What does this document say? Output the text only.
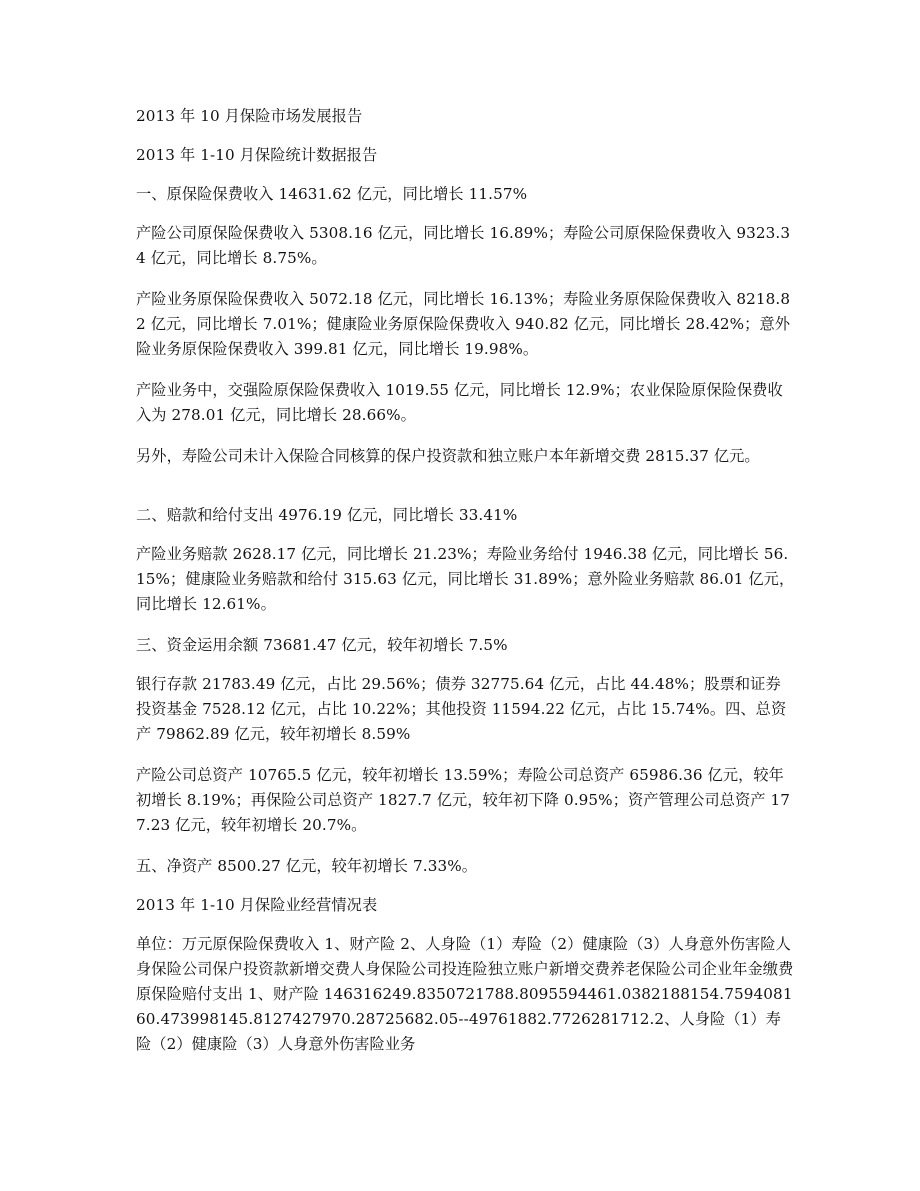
2013 年 10 月保险市场发展报告

2013 年 1-10 月保险统计数据报告

一、原保险保费收入 14631.62 亿元，同比增长 11.57%

产险公司原保险保费收入 5308.16 亿元，同比增长 16.89%；寿险公司原保险保费收入 9323.34 亿元，同比增长 8.75%。

产险业务原保险保费收入 5072.18 亿元，同比增长 16.13%；寿险业务原保险保费收入 8218.82 亿元，同比增长 7.01%；健康险业务原保险保费收入 940.82 亿元，同比增长 28.42%；意外险业务原保险保费收入 399.81 亿元，同比增长 19.98%。

产险业务中，交强险原保险保费收入 1019.55 亿元，同比增长 12.9%；农业保险原保险保费收入为 278.01 亿元，同比增长 28.66%。

另外，寿险公司未计入保险合同核算的保户投资款和独立账户本年新增交费 2815.37 亿元。

二、赔款和给付支出 4976.19 亿元，同比增长 33.41%

产险业务赔款 2628.17 亿元，同比增长 21.23%；寿险业务给付 1946.38 亿元，同比增长 56.15%；健康险业务赔款和给付 315.63 亿元，同比增长 31.89%；意外险业务赔款 86.01 亿元，同比增长 12.61%。

三、资金运用余额 73681.47 亿元，较年初增长 7.5%

银行存款 21783.49 亿元，占比 29.56%；债券 32775.64 亿元，占比 44.48%；股票和证券投资基金 7528.12 亿元，占比 10.22%；其他投资 11594.22 亿元，占比 15.74%。四、总资产 79862.89 亿元，较年初增长 8.59%

产险公司总资产 10765.5 亿元，较年初增长 13.59%；寿险公司总资产 65986.36 亿元，较年初增长 8.19%；再保险公司总资产 1827.7 亿元，较年初下降 0.95%；资产管理公司总资产 177.23 亿元，较年初增长 20.7%。

五、净资产 8500.27 亿元，较年初增长 7.33%。

2013 年 1-10 月保险业经营情况表

单位：万元原保险保费收入 1、财产险 2、人身险（1）寿险（2）健康险（3）人身意外伤害险人身保险公司保户投资款新增交费人身保险公司投连险独立账户新增交费养老保险公司企业年金缴费原保险赔付支出 1、财产险 146316249.8350721788.8095594461.0382188154.759408160.473998145.8127427970.28725682.05--49761882.7726281712.2、人身险（1）寿险（2）健康险（3）人身意外伤害险业务
